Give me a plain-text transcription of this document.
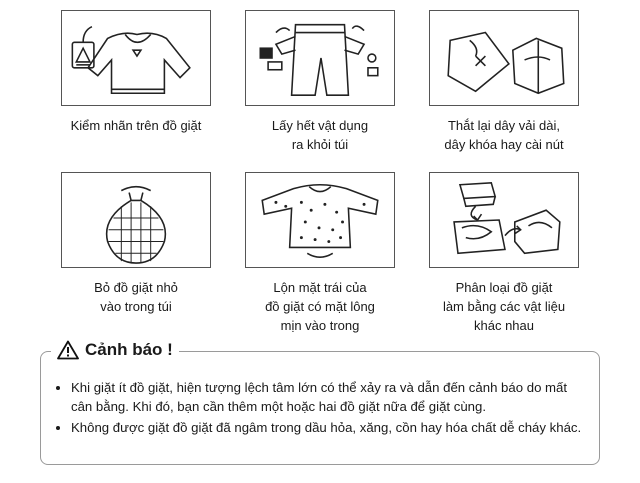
Kiểm nhãn trên đồ giặt	Lấy hết vật dụng
ra khỏi túi
Thắt lại dây vải dài,
dây khóa hay cài nút
Bỏ đồ giặt nhỏ
vào trong túi
Lộn mặt trái của
đồ giặt có mặt lông
mịn vào trong
Phân loại đồ giặt
làm bằng các vật liệu
khác nhau
Cảnh báo !
• Khi giặt ít đồ giặt, hiện tượng lệch tâm lớn có thể xảy ra và dẫn đến cảnh báo do mất cân bằng. Khi đó, bạn cần thêm một hoặc hai đồ giặt nữa để giặt cùng.
• Không được giặt đồ giặt đã ngâm trong dầu hỏa, xăng, cồn hay hóa chất dễ cháy khác.
